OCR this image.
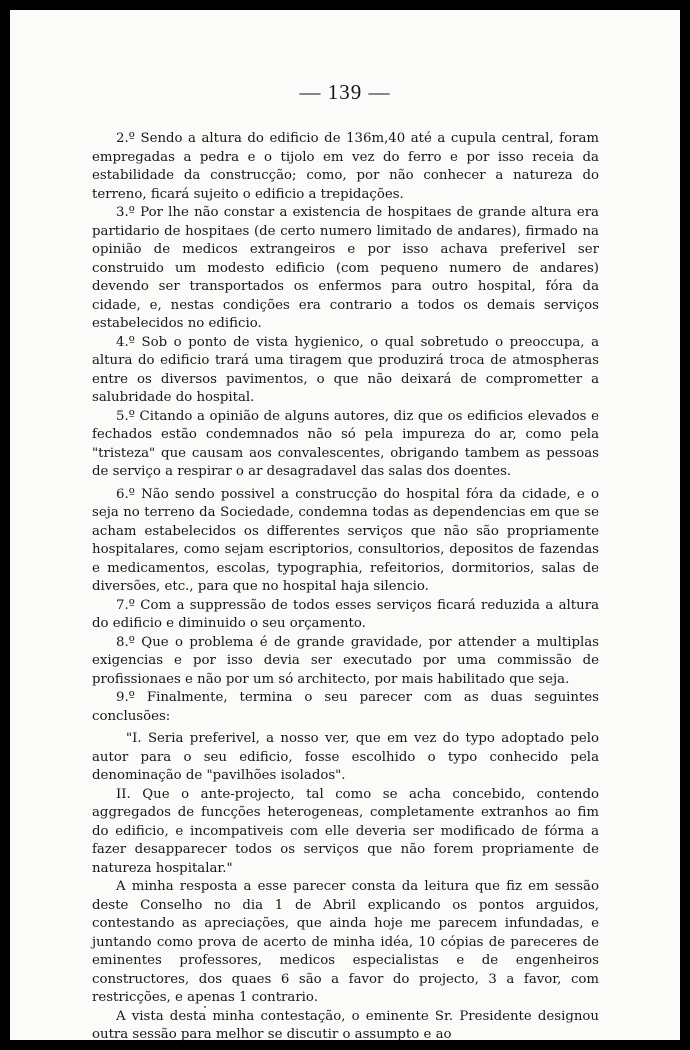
— 139 —

2.º Sendo a altura do edificio de 136m,40 até a cupula central, foram empregadas a pedra e o tijolo em vez do ferro e por isso receia da estabilidade da construcção; como, por não conhecer a natureza do terreno, ficará sujeito o edificio a trepidações.

3.º Por lhe não constar a existencia de hospitaes de grande altura era partidario de hospitaes (de certo numero limitado de andares), firmado na opinião de medicos extrangeiros e por isso achava preferivel ser construido um modesto edificio (com pequeno numero de andares) devendo ser transportados os enfermos para outro hospital, fóra da cidade, e, nestas condições era contrario a todos os demais serviços estabelecidos no edificio.

4.º Sob o ponto de vista hygienico, o qual sobretudo o preoccupa, a altura do edificio trará uma tiragem que produzirá troca de atmospheras entre os diversos pavimentos, o que não deixará de comprometter a salubridade do hospital.

5.º Citando a opinião de alguns autores, diz que os edificios elevados e fechados estão condemnados não só pela impureza do ar, como pela "tristeza" que causam aos convalescentes, obrigando tambem as pessoas de serviço a respirar o ar desagradavel das salas dos doentes.

6.º Não sendo possivel a construcção do hospital fóra da cidade, e o seja no terreno da Sociedade, condemna todas as dependencias em que se acham estabelecidos os differentes serviços que não são propriamente hospitalares, como sejam escriptorios, consultorios, depositos de fazendas e medicamentos, escolas, typographia, refeitorios, dormitorios, salas de diversões, etc., para que no hospital haja silencio.

7.º Com a suppressão de todos esses serviços ficará reduzida a altura do edificio e diminuido o seu orçamento.

8.º Que o problema é de grande gravidade, por attender a multiplas exigencias e por isso devia ser executado por uma commissão de profissionaes e não por um só architecto, por mais habilitado que seja.

9.º Finalmente, termina o seu parecer com as duas seguintes conclusões:

"I. Seria preferivel, a nosso ver, que em vez do typo adoptado pelo autor para o seu edificio, fosse escolhido o typo conhecido pela denominação de "pavilhões isolados".

II. Que o ante-projecto, tal como se acha concebido, contendo aggregados de funcções heterogeneas, completamente extranhos ao fim do edificio, e incompativeis com elle deveria ser modificado de fórma a fazer desapparecer todos os serviços que não forem propriamente de natureza hospitalar."

A minha resposta a esse parecer consta da leitura que fiz em sessão deste Conselho no dia 1 de Abril explicando os pontos arguidos, contestando as apreciações, que ainda hoje me parecem infundadas, e juntando como prova de acerto de minha idéa, 10 cópias de pareceres de eminentes professores, medicos especialistas e de engenheiros constructores, dos quaes 6 são a favor do projecto, 3 a favor, com restricções, e apenas 1 contrario.

A vista desta minha contestação, o eminente Sr. Presidente designou outra sessão para melhor se discutir o assumpto e ao
